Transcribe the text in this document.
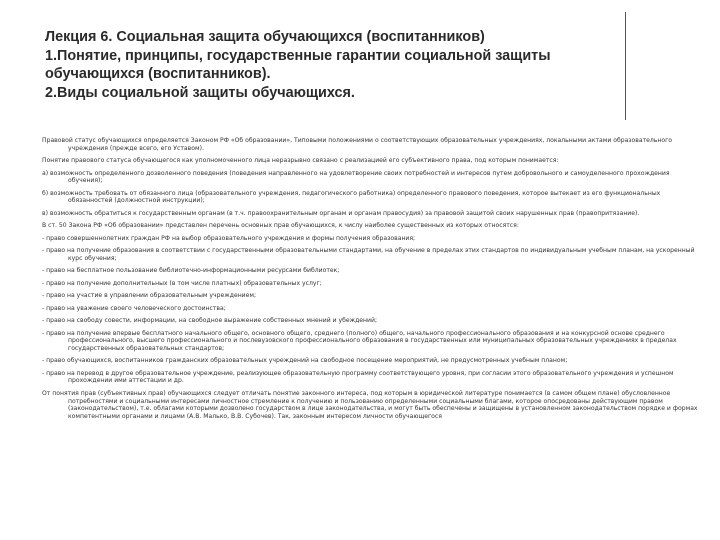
Лекция 6. Социальная защита обучающихся (воспитанников)
1.Понятие, принципы, государственные гарантии социальной защиты
обучающихся (воспитанников).
2.Виды социальной защиты обучающихся.

Правовой статус обучающихся определяется Законом РФ «Об образовании», Типовыми положениями о соответствующих образовательных учреждениях, локальными актами образовательного учреждения (прежде всего, его Уставом).

Понятие правового статуса обучающегося как уполномоченного лица неразрывно связано с реализацией его субъективного права, под которым понимается:

а) возможность определенного дозволенного поведения (поведения направленного на удовлетворение своих потребностей и интересов путем добровольного и самоуделенного прохождения обучения);

б) возможность требовать от обязанного лица (образовательного учреждения, педагогического работника) определенного правового поведения, которое вытекает из его функциональных обязанностей (должностной инструкции);

в) возможность обратиться к государственным органам (в т.ч. правоохранительным органам и органам правосудия) за правовой защитой своих нарушенных прав (правопритязание).

В ст. 50 Закона РФ «Об образовании» представлен перечень основных прав обучающихся, к числу наиболее существенных из которых относятся:

- право совершеннолетних граждан РФ на выбор образовательного учреждения и формы получения образования;

- право на получение образования в соответствии с государственными образовательными стандартами, на обучение в пределах этих стандартов по индивидуальным учебным планам, на ускоренный курс обучения;

- право на бесплатное пользование библиотечно-информационными ресурсами библиотек;

- право на получение дополнительных (в том числе платных) образовательных услуг;

- право на участие в управлении образовательным учреждением;

- право на уважение своего человеческого достоинства;

- право на свободу совести, информации, на свободное выражение собственных мнений и убеждений;

- право на получение впервые бесплатного начального общего, основного общего, среднего (полного) общего, начального профессионального образования и на конкурсной основе среднего профессионального, высшего профессионального и послевузовского профессионального образования в государственных или муниципальных образовательных учреждениях в пределах государственных образовательных стандартов;

- право обучающихся, воспитанников гражданских образовательных учреждений на свободное посещение мероприятий, не предусмотренных учебным планом;

- право на перевод в другое образовательное учреждение, реализующее образовательную программу соответствующего уровня, при согласии этого образовательного учреждения и успешном прохождении ими аттестации и др.

От понятия прав (субъективных прав) обучающихся следует отличать понятие законного интереса, под которым в юридической литературе понимается (в самом общем плане) обусловленное потребностями и социальными интересами личностное стремление к получению и пользованию определенными социальными благами, которое опосредованы действующим правом (законодательством), т.е. облагами которыми дозволено государством в лице законодательства, и могут быть обеспечены и защищены в установленном законодательством порядке и формах компетентными органами и лицами (А.В. Малько, В.В. Субочев). Так, законным интересом личности обучающегося
